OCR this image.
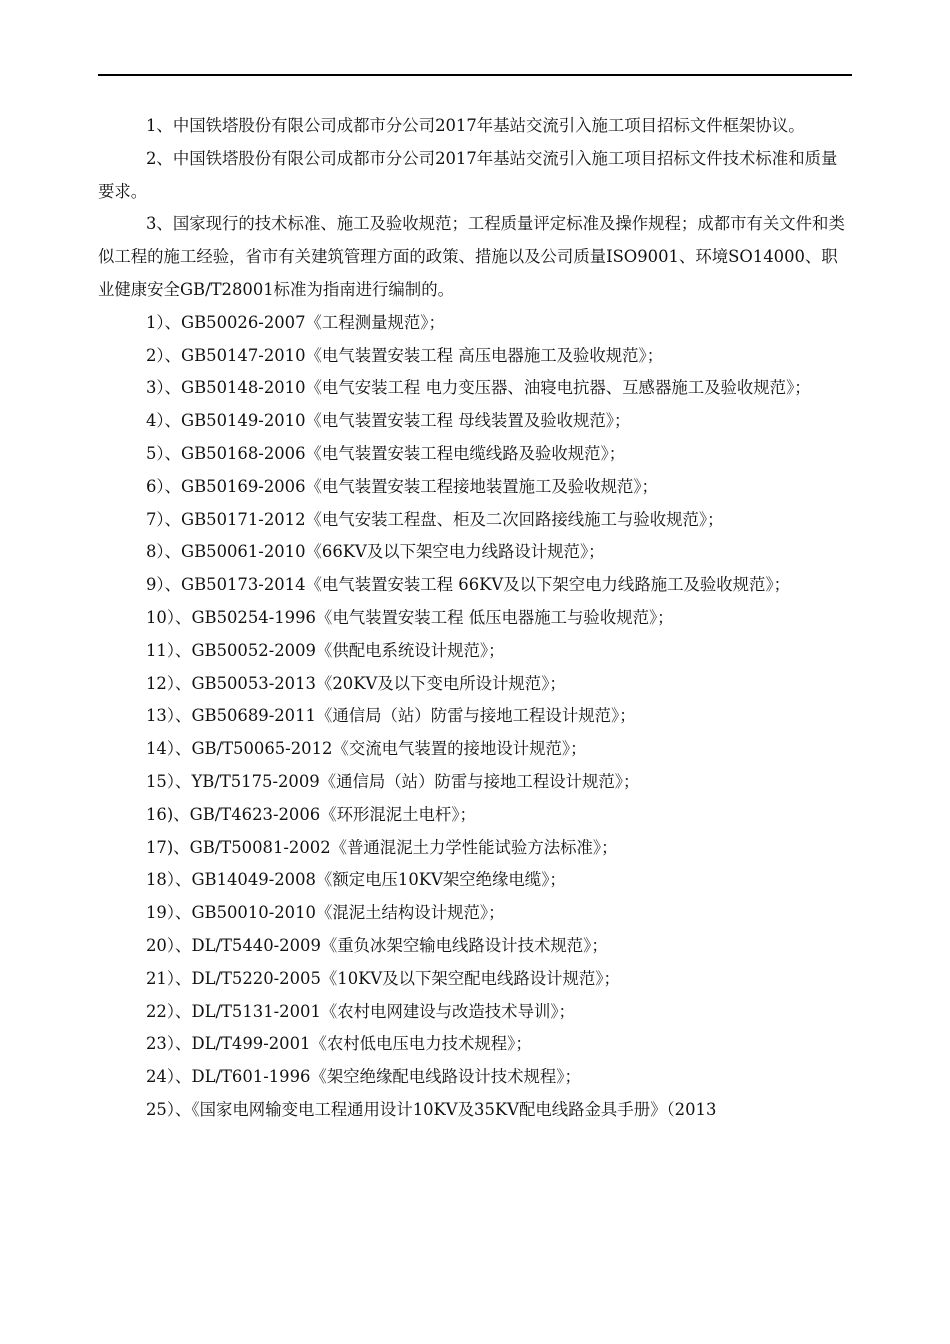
1、中国铁塔股份有限公司成都市分公司2017年基站交流引入施工项目招标文件框架协议。

2、中国铁塔股份有限公司成都市分公司2017年基站交流引入施工项目招标文件技术标准和质量要求。

3、国家现行的技术标准、施工及验收规范；工程质量评定标准及操作规程；成都市有关文件和类似工程的施工经验，省市有关建筑管理方面的政策、措施以及公司质量ISO9001、环境SO14000、职业健康安全GB/T28001标准为指南进行编制的。

1）、GB50026-2007《工程测量规范》；

2）、GB50147-2010《电气装置安装工程 高压电器施工及验收规范》；

3）、GB50148-2010《电气安装工程 电力变压器、油寝电抗器、互感器施工及验收规范》；

4）、GB50149-2010《电气装置安装工程 母线装置及验收规范》；

5）、GB50168-2006《电气装置安装工程电缆线路及验收规范》；

6）、GB50169-2006《电气装置安装工程接地装置施工及验收规范》；

7）、GB50171-2012《电气安装工程盘、柜及二次回路接线施工与验收规范》；

8）、GB50061-2010《66KV及以下架空电力线路设计规范》；

9）、GB50173-2014《电气装置安装工程 66KV及以下架空电力线路施工及验收规范》；

10）、GB50254-1996《电气装置安装工程 低压电器施工与验收规范》；

11）、GB50052-2009《供配电系统设计规范》；

12）、GB50053-2013《20KV及以下变电所设计规范》；

13）、GB50689-2011《通信局（站）防雷与接地工程设计规范》；

14）、GB/T50065-2012《交流电气装置的接地设计规范》；

15）、YB/T5175-2009《通信局（站）防雷与接地工程设计规范》；

16)、GB/T4623-2006《环形混泥土电杆》；

17)、GB/T50081-2002《普通混泥土力学性能试验方法标准》；

18）、GB14049-2008《额定电压10KV架空绝缘电缆》；

19）、GB50010-2010《混泥土结构设计规范》；

20）、DL/T5440-2009《重负冰架空输电线路设计技术规范》；

21）、DL/T5220-2005《10KV及以下架空配电线路设计规范》；

22）、DL/T5131-2001《农村电网建设与改造技术导训》；

23）、DL/T499-2001《农村低电压电力技术规程》；

24）、DL/T601-1996《架空绝缘配电线路设计技术规程》；

25）、《国家电网输变电工程通用设计10KV及35KV配电线路金具手册》（2013
